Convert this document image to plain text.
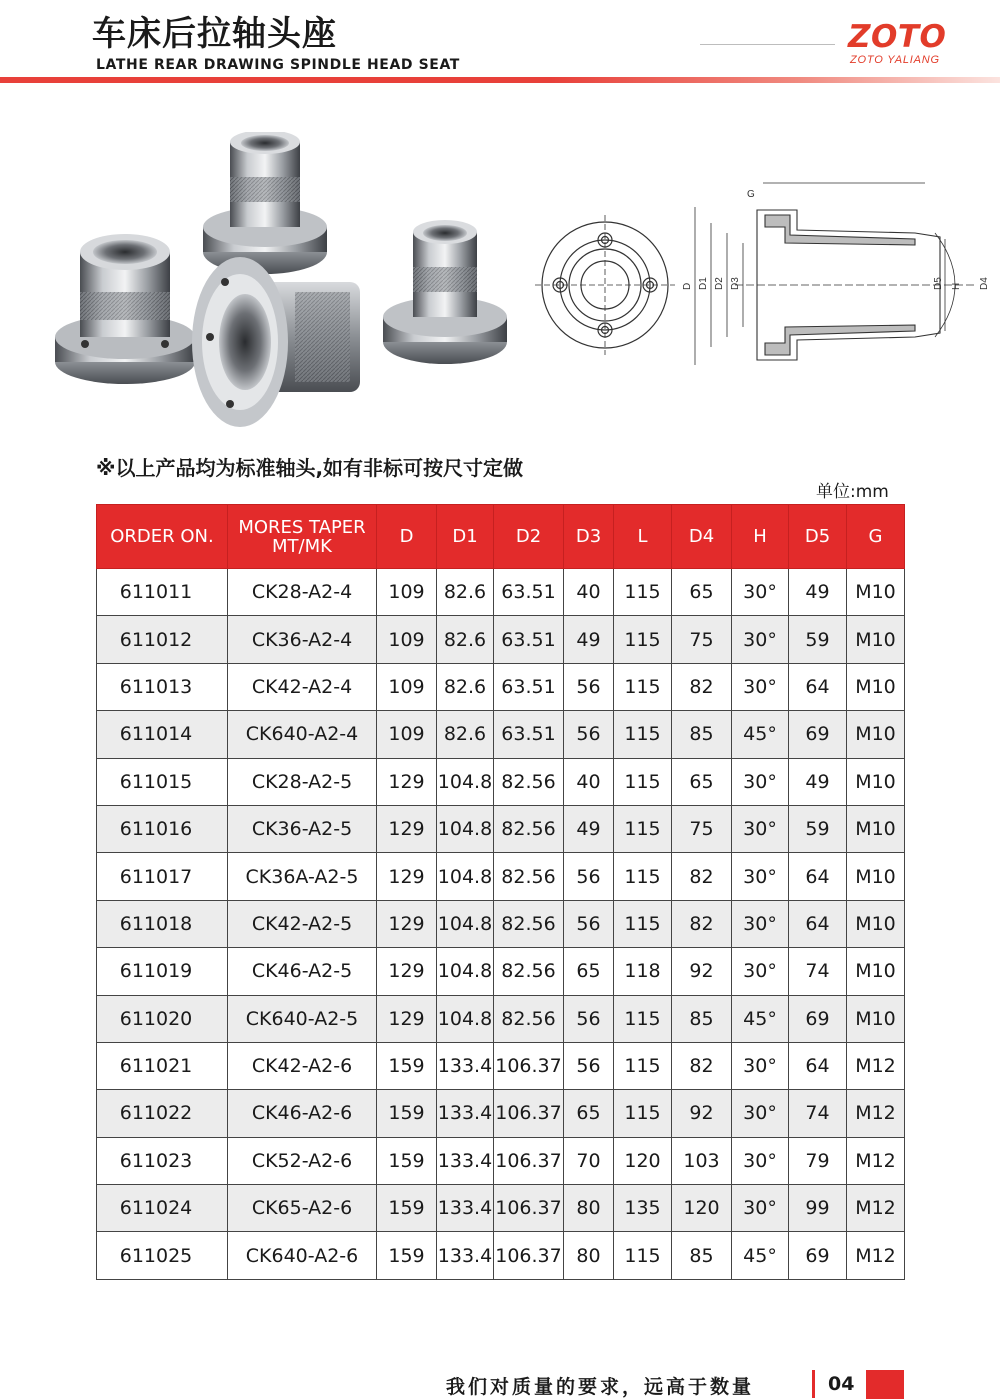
车床后拉轴头座
LATHE REAR DRAWING SPINDLE HEAD SEAT
ZOTO
ZOTO YALIANG
G
D D1 D2 D3	D5 H D4
※以上产品均为标准轴头,如有非标可按尺寸定做
单位:mm
ORDER ON.	MORES TAPER
MT/MK	D	D1	D2	D3	L	D4	H	D5	G
611011	CK28-A2-4	109	82.6	63.51	40	115	65	30°	49	M10
611012	CK36-A2-4	109	82.6	63.51	49	115	75	30°	59	M10
611013	CK42-A2-4	109	82.6	63.51	56	115	82	30°	64	M10
611014	CK640-A2-4	109	82.6	63.51	56	115	85	45°	69	M10
611015	CK28-A2-5	129	104.8	82.56	40	115	65	30°	49	M10
611016	CK36-A2-5	129	104.8	82.56	49	115	75	30°	59	M10
611017	CK36A-A2-5	129	104.8	82.56	56	115	82	30°	64	M10
611018	CK42-A2-5	129	104.8	82.56	56	115	82	30°	64	M10
611019	CK46-A2-5	129	104.8	82.56	65	118	92	30°	74	M10
611020	CK640-A2-5	129	104.8	82.56	56	115	85	45°	69	M10
611021	CK42-A2-6	159	133.4	106.37	56	115	82	30°	64	M12
611022	CK46-A2-6	159	133.4	106.37	65	115	92	30°	74	M12
611023	CK52-A2-6	159	133.4	106.37	70	120	103	30°	79	M12
611024	CK65-A2-6	159	133.4	106.37	80	135	120	30°	99	M12
611025	CK640-A2-6	159	133.4	106.37	80	115	85	45°	69	M12
我们对质量的要求，远高于数量	04
